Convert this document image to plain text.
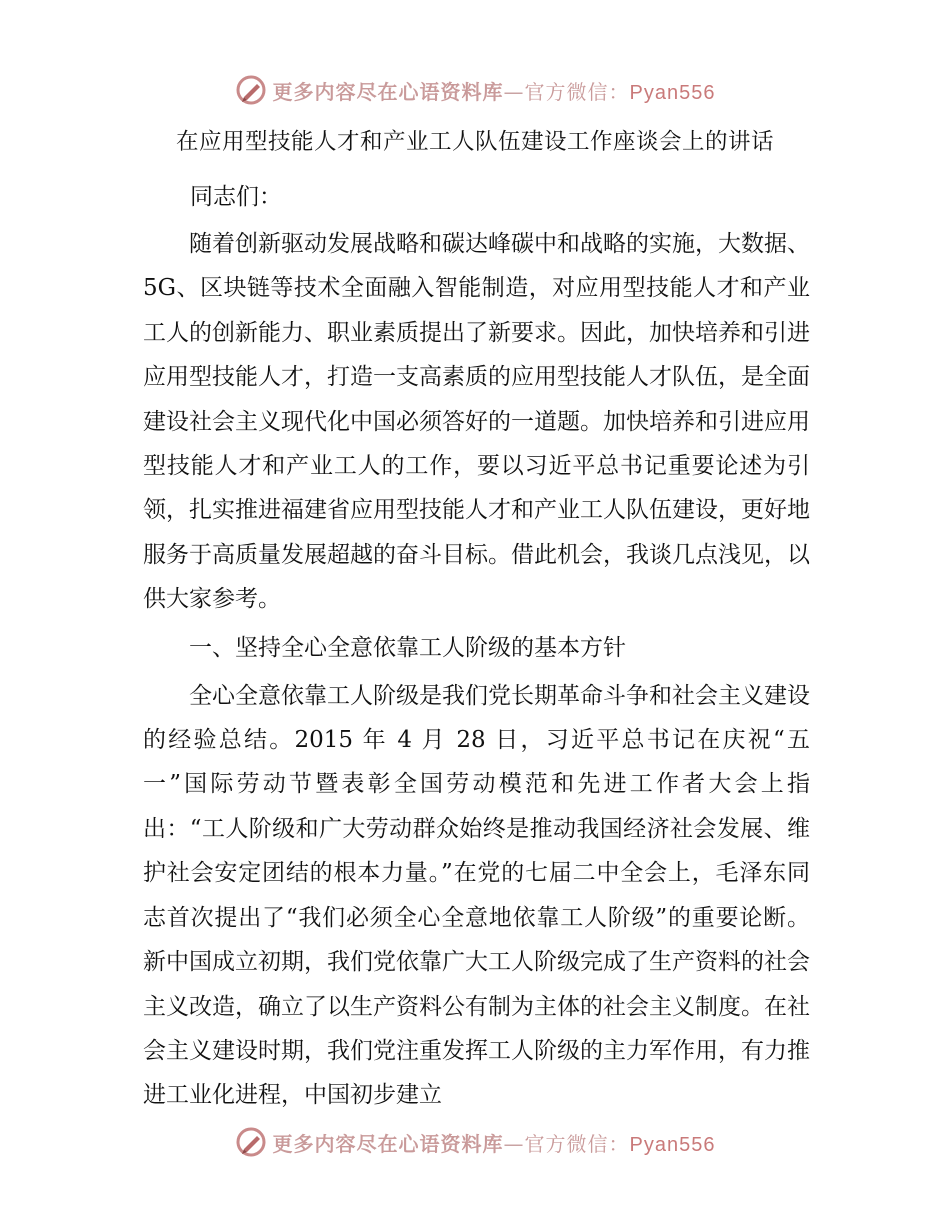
更多内容尽在心语资料库—官方微信：Pyan556
在应用型技能人才和产业工人队伍建设工作座谈会上的讲话
同志们：

随着创新驱动发展战略和碳达峰碳中和战略的实施，大数据、5G、区块链等技术全面融入智能制造，对应用型技能人才和产业工人的创新能力、职业素质提出了新要求。因此，加快培养和引进应用型技能人才，打造一支高素质的应用型技能人才队伍，是全面建设社会主义现代化中国必须答好的一道题。加快培养和引进应用型技能人才和产业工人的工作，要以习近平总书记重要论述为引领，扎实推进福建省应用型技能人才和产业工人队伍建设，更好地服务于高质量发展超越的奋斗目标。借此机会，我谈几点浅见，以供大家参考。

一、坚持全心全意依靠工人阶级的基本方针

全心全意依靠工人阶级是我们党长期革命斗争和社会主义建设的经验总结。2015 年 4 月 28 日，习近平总书记在庆祝“五一”国际劳动节暨表彰全国劳动模范和先进工作者大会上指出：“工人阶级和广大劳动群众始终是推动我国经济社会发展、维护社会安定团结的根本力量。”在党的七届二中全会上，毛泽东同志首次提出了“我们必须全心全意地依靠工人阶级”的重要论断。新中国成立初期，我们党依靠广大工人阶级完成了生产资料的社会主义改造，确立了以生产资料公有制为主体的社会主义制度。在社会主义建设时期，我们党注重发挥工人阶级的主力军作用，有力推进工业化进程，中国初步建立

更多内容尽在心语资料库—官方微信：Pyan556
